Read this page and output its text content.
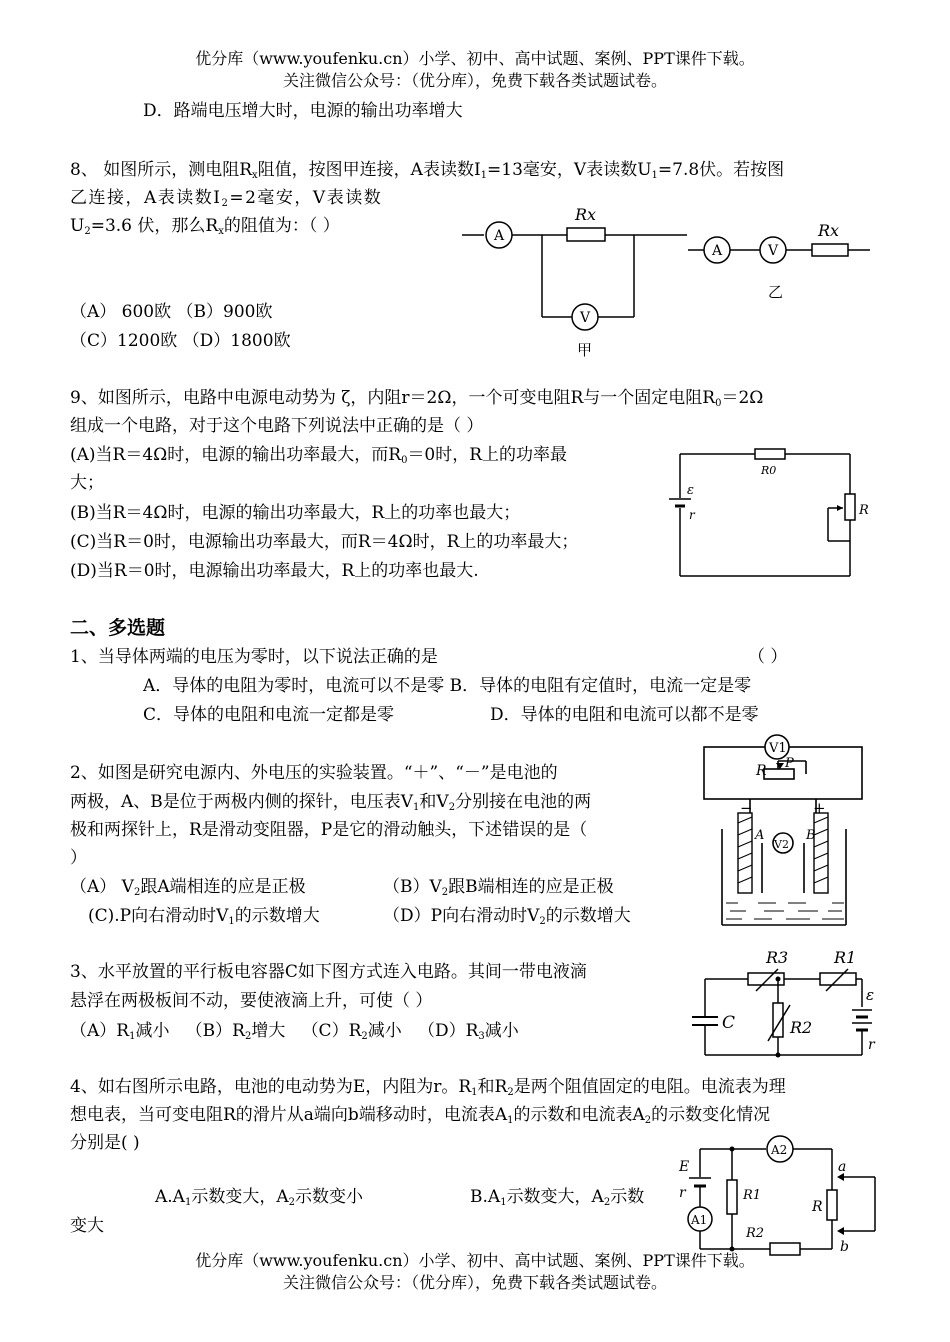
优分库（www.youfenku.cn）小学、初中、高中试题、案例、PPT课件下载。
关注微信公众号：（优分库），免费下载各类试题试卷。
D．路端电压增大时，电源的输出功率增大
8、 如图所示，测电阻$R_x$阻值，按图甲连接，A表读数$I_1=13$毫安，V表读数$U_1=7.8$伏。若按图
乙连接，A表读数$I_2=2$毫安，V表读数
$U_2=3.6$ 伏，那么$R_x$的阻值为：（ ）
（A） 600欧 （B）900欧
（C）1200欧 （D）1800欧
A
V
Rx
甲
A	V
Rx
乙
9、如图所示，电路中电源电动势为 ζ，内阻r＝2Ω，一个可变电阻R与一个固定电阻$R_0=2\Omega$
组成一个电路，对于这个电路下列说法中正确的是（ ）
(A)当R＝4Ω时，电源的输出功率最大，而$R_0=0$时，R上的功率最
大；
(B)当R＝4Ω时，电源的输出功率最大，R上的功率也最大；
(C)当R＝0时，电源输出功率最大，而R＝4Ω时，R上的功率最大；
(D)当R＝0时，电源输出功率最大，R上的功率也最大.
R0
R
ε
r
二、多选题
1、当导体两端的电压为零时，以下说法正确的是	（ ）
A．导体的电阻为零时，电流可以不是零 B．导体的电阻有定值时，电流一定是零
C．导体的电阻和电流一定都是零	D．导体的电阻和电流可以都不是零
2、如图是研究电源内、外电压的实验装置。“＋”、“－”是电池的
两极，A、B是位于两极内侧的探针，电压表$V_1$和$V_2$分别接在电池的两
极和两探针上，R是滑动变阻器，P是它的滑动触头，下述错误的是（
）
（A） $V_2$跟A端相连的应是正极	$(B)V_2$跟B端相连的应是正极
(C).P向右滑动时$V_1$的示数增大	（D）P向右滑动时$V_2$的示数增大
V1
V2
R P
A	B
−	+
3、水平放置的平行板电容器C如下图方式连入电路。其间一带电液滴
悬浮在两极板间不动，要使液滴上升，可使（ ）
$(A)R_1$减小 $(B)R_2$增大 $(C)R_2$减小 $(D)R_3$减小	C
R3	R1
R2
ε
r
4、如右图所示电路，电池的电动势为E，内阻为r。$R_1$和$R_2$是两个阻值固定的电阻。电流表为理
想电表，当可变电阻R的滑片从a端向b端移动时，电流表$A_1$的示数和电流表$A_2$的示数变化情况
分别是( )
$A.A_1$示数变大，$A_2$示数变小	$B.A_1$示数变大，$A_2$示数
变大
E
r
A2
A1
R1
R2
R
a
b
优分库（www.youfenku.cn）小学、初中、高中试题、案例、PPT课件下载。
关注微信公众号：（优分库），免费下载各类试题试卷。
